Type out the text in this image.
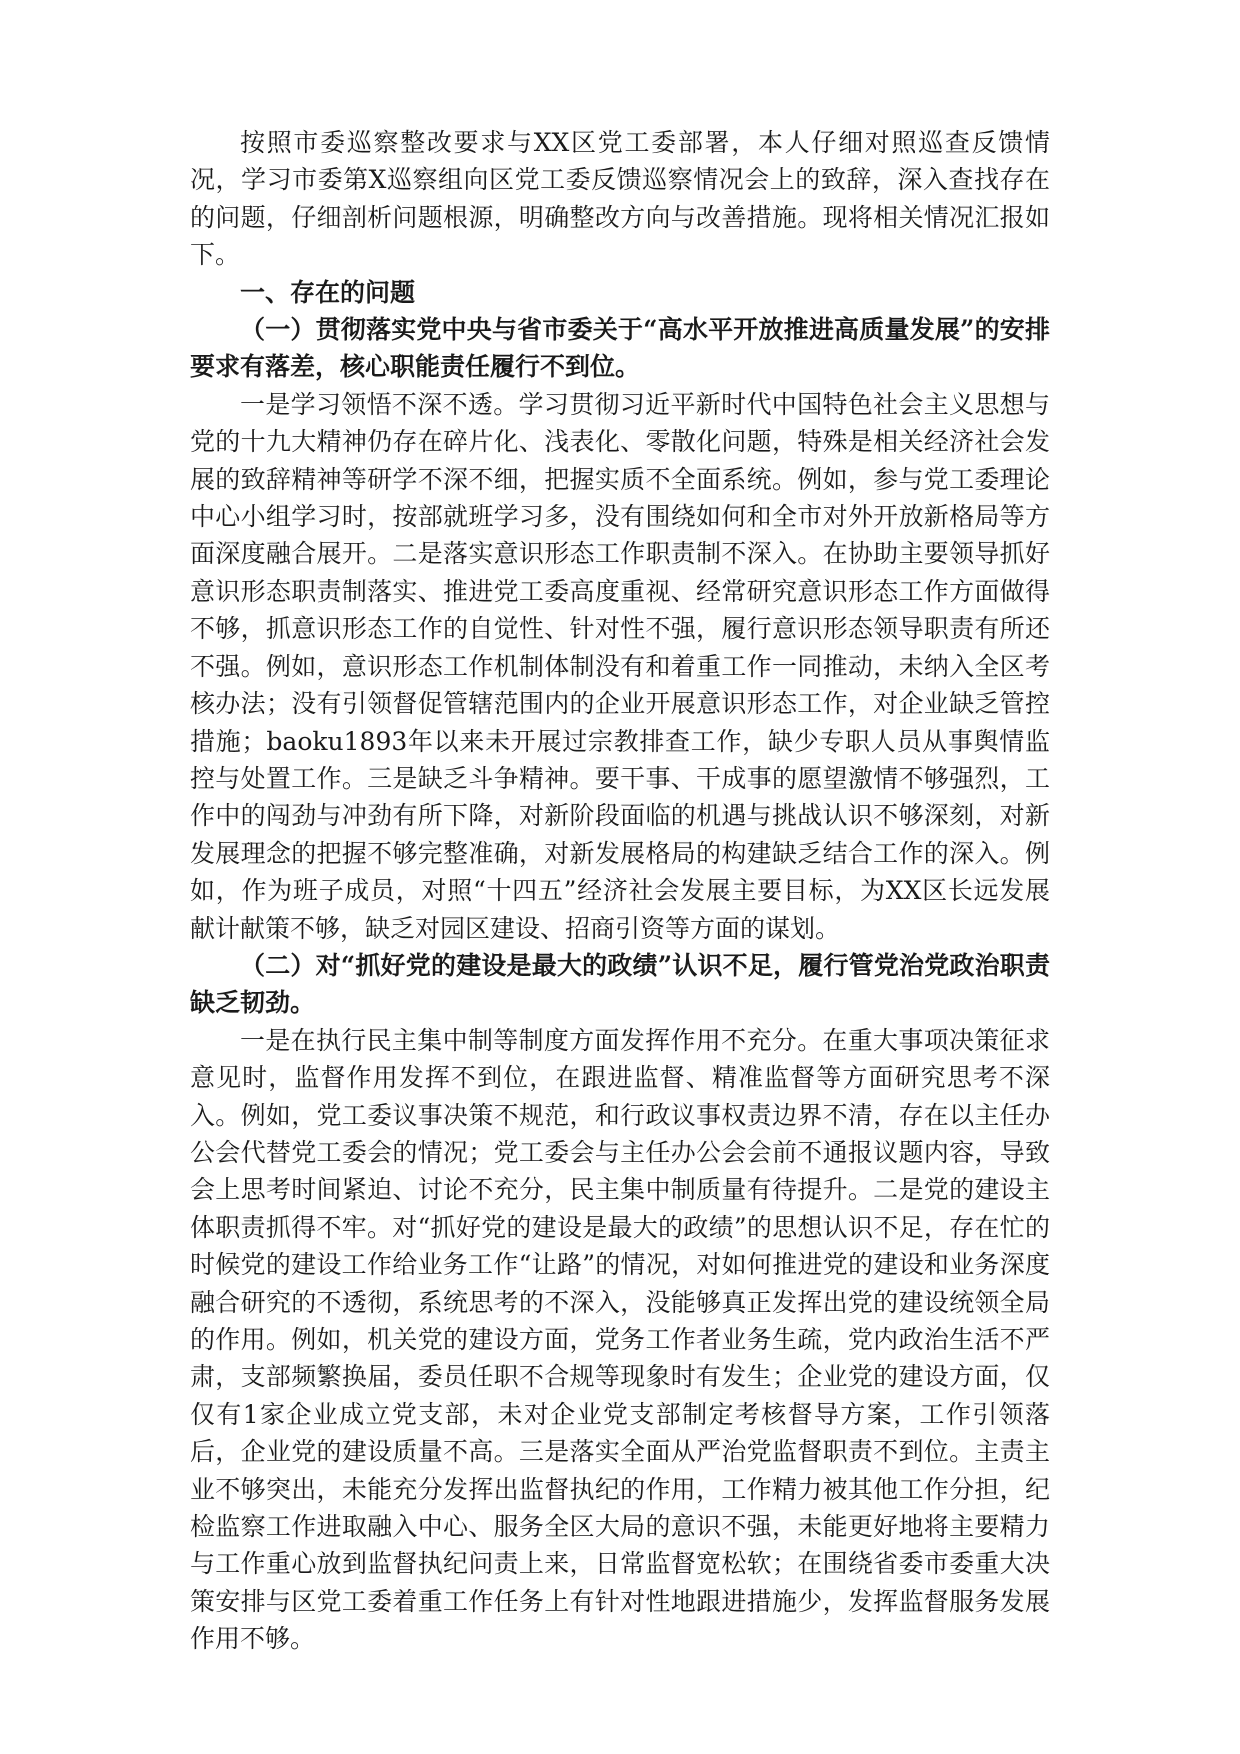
按照市委巡察整改要求与XX区党工委部署，本人仔细对照巡查反馈情况，学习市委第X巡察组向区党工委反馈巡察情况会上的致辞，深入查找存在的问题，仔细剖析问题根源，明确整改方向与改善措施。现将相关情况汇报如下。

一、存在的问题
（一）贯彻落实党中央与省市委关于“高水平开放推进高质量发展”的安排要求有落差，核心职能责任履行不到位。

一是学习领悟不深不透。学习贯彻习近平新时代中国特色社会主义思想与党的十九大精神仍存在碎片化、浅表化、零散化问题，特殊是相关经济社会发展的致辞精神等研学不深不细，把握实质不全面系统。例如，参与党工委理论中心小组学习时，按部就班学习多，没有围绕如何和全市对外开放新格局等方面深度融合展开。二是落实意识形态工作职责制不深入。在协助主要领导抓好意识形态职责制落实、推进党工委高度重视、经常研究意识形态工作方面做得不够，抓意识形态工作的自觉性、针对性不强，履行意识形态领导职责有所还不强。例如，意识形态工作机制体制没有和着重工作一同推动，未纳入全区考核办法；没有引领督促管辖范围内的企业开展意识形态工作，对企业缺乏管控措施；baoku1893年以来未开展过宗教排查工作，缺少专职人员从事舆情监控与处置工作。三是缺乏斗争精神。要干事、干成事的愿望激情不够强烈，工作中的闯劲与冲劲有所下降，对新阶段面临的机遇与挑战认识不够深刻，对新发展理念的把握不够完整准确，对新发展格局的构建缺乏结合工作的深入。例如，作为班子成员，对照“十四五”经济社会发展主要目标，为XX区长远发展献计献策不够，缺乏对园区建设、招商引资等方面的谋划。

（二）对“抓好党的建设是最大的政绩”认识不足，履行管党治党政治职责缺乏韧劲。

一是在执行民主集中制等制度方面发挥作用不充分。在重大事项决策征求意见时，监督作用发挥不到位，在跟进监督、精准监督等方面研究思考不深入。例如，党工委议事决策不规范，和行政议事权责边界不清，存在以主任办公会代替党工委会的情况；党工委会与主任办公会会前不通报议题内容，导致会上思考时间紧迫、讨论不充分，民主集中制质量有待提升。二是党的建设主体职责抓得不牢。对“抓好党的建设是最大的政绩”的思想认识不足，存在忙的时候党的建设工作给业务工作“让路”的情况，对如何推进党的建设和业务深度融合研究的不透彻，系统思考的不深入，没能够真正发挥出党的建设统领全局的作用。例如，机关党的建设方面，党务工作者业务生疏，党内政治生活不严肃，支部频繁换届，委员任职不合规等现象时有发生；企业党的建设方面，仅仅有1家企业成立党支部，未对企业党支部制定考核督导方案，工作引领落后，企业党的建设质量不高。三是落实全面从严治党监督职责不到位。主责主业不够突出，未能充分发挥出监督执纪的作用，工作精力被其他工作分担，纪检监察工作进取融入中心、服务全区大局的意识不强，未能更好地将主要精力与工作重心放到监督执纪问责上来，日常监督宽松软；在围绕省委市委重大决策安排与区党工委着重工作任务上有针对性地跟进措施少，发挥监督服务发展作用不够。
